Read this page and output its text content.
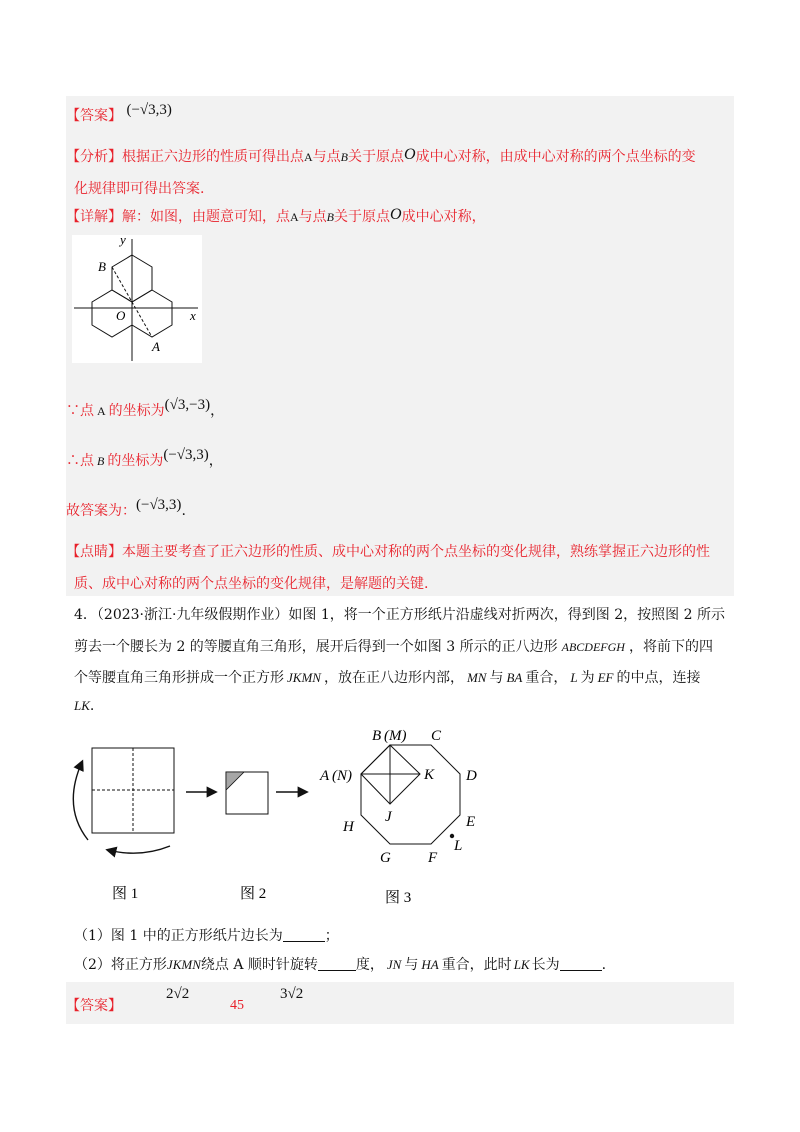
【答案】 (−√3,3)
【分析】根据正六边形的性质可得出点A与点B关于原点O成中心对称，由成中心对称的两个点坐标的变
化规律即可得出答案.
【详解】解：如图，由题意可知，点A与点B关于原点O成中心对称，
y
x
B
O
A
∵点 A 的坐标为(√3,−3)，
∴点 B 的坐标为(−√3,3)，
故答案为：(−√3,3).
【点睛】本题主要考查了正六边形的性质、成中心对称的两个点坐标的变化规律，熟练掌握正六边形的性
质、成中心对称的两个点坐标的变化规律，是解题的关键.
4．（2023·浙江·九年级假期作业）如图 1，将一个正方形纸片沿虚线对折两次，得到图 2，按照图 2 所示
剪去一个腰长为 2 的等腰直角三角形，展开后得到一个如图 3 所示的正八边形 ABCDEFGH ，将前下的四
个等腰直角三角形拼成一个正方形 JKMN ，放在正八边形内部， MN 与 BA 重合， L 为 EF 的中点，连接
LK.
B (M) C
A (N)	K D
J	E
H
L
G F
图 1	图 2	图 3
（1）图 1 中的正方形纸片边长为	；
（2）将正方形JKMN绕点 A 顺时针旋转	度， JN 与 HA 重合，此时 LK 长为	.
【答案】
2√2
45
3√2
